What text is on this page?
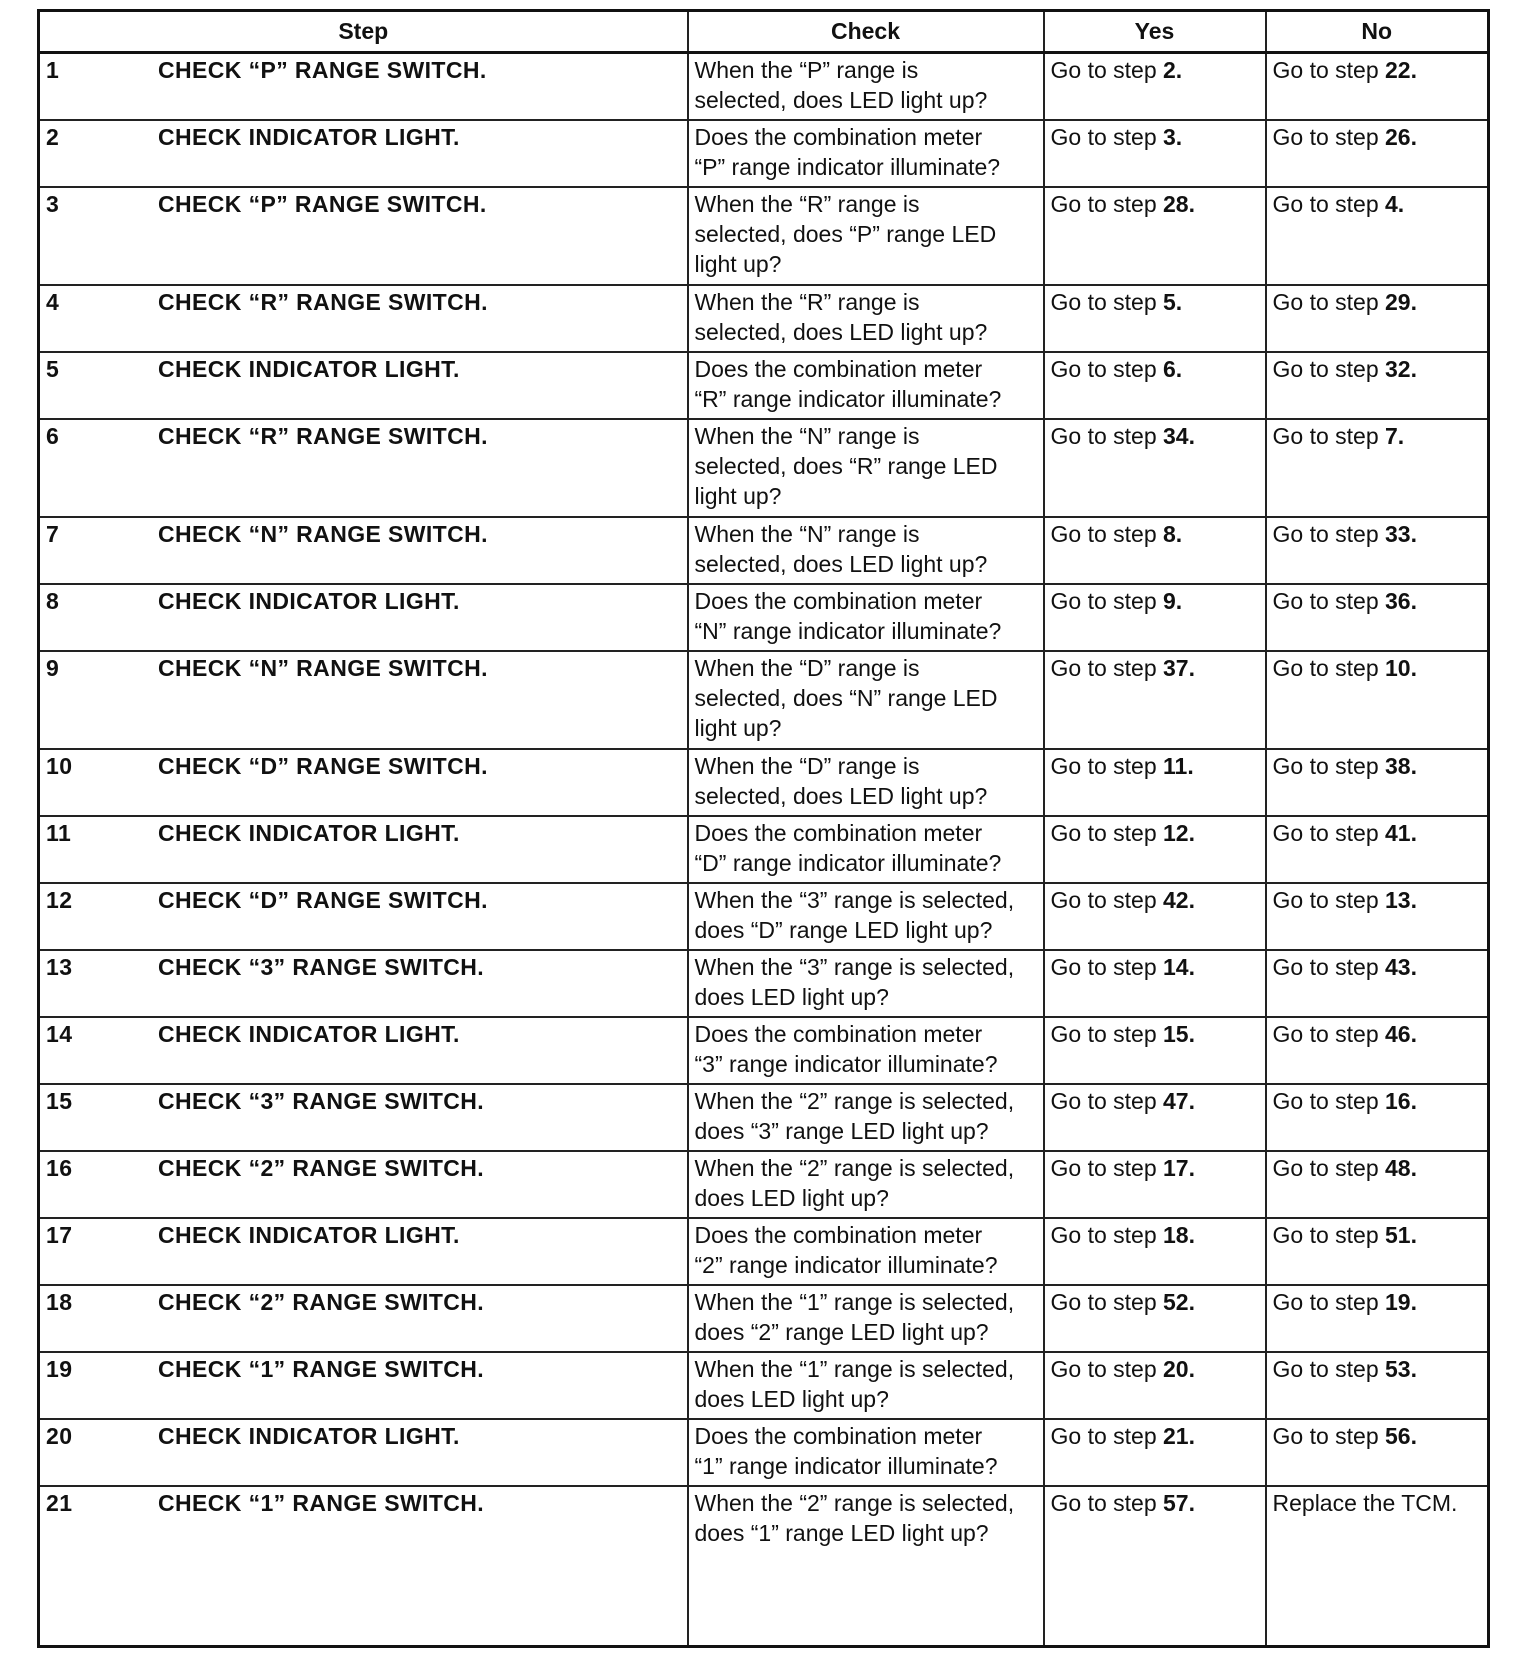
Step	Check	Yes	No
1 CHECK “P” RANGE SWITCH.	When the “P” range is
selected, does LED light up?	Go to step 2.	Go to step 22.
2 CHECK INDICATOR LIGHT.	Does the combination meter
“P” range indicator illuminate?	Go to step 3.	Go to step 26.
3 CHECK “P” RANGE SWITCH.	When the “R” range is
selected, does “P” range LED
light up?	Go to step 28.	Go to step 4.
4 CHECK “R” RANGE SWITCH.	When the “R” range is
selected, does LED light up?	Go to step 5.	Go to step 29.
5 CHECK INDICATOR LIGHT.	Does the combination meter
“R” range indicator illuminate?	Go to step 6.	Go to step 32.
6 CHECK “R” RANGE SWITCH.	When the “N” range is
selected, does “R” range LED
light up?	Go to step 34.	Go to step 7.
7 CHECK “N” RANGE SWITCH.	When the “N” range is
selected, does LED light up?	Go to step 8.	Go to step 33.
8 CHECK INDICATOR LIGHT.	Does the combination meter
“N” range indicator illuminate?	Go to step 9.	Go to step 36.
9 CHECK “N” RANGE SWITCH.	When the “D” range is
selected, does “N” range LED
light up?	Go to step 37.	Go to step 10.
10 CHECK “D” RANGE SWITCH.	When the “D” range is
selected, does LED light up?	Go to step 11.	Go to step 38.
11 CHECK INDICATOR LIGHT.	Does the combination meter
“D” range indicator illuminate?	Go to step 12.	Go to step 41.
12 CHECK “D” RANGE SWITCH.	When the “3” range is selected,
does “D” range LED light up?	Go to step 42.	Go to step 13.
13 CHECK “3” RANGE SWITCH.	When the “3” range is selected,
does LED light up?	Go to step 14.	Go to step 43.
14 CHECK INDICATOR LIGHT.	Does the combination meter
“3” range indicator illuminate?	Go to step 15.	Go to step 46.
15 CHECK “3” RANGE SWITCH.	When the “2” range is selected,
does “3” range LED light up?	Go to step 47.	Go to step 16.
16 CHECK “2” RANGE SWITCH.	When the “2” range is selected,
does LED light up?	Go to step 17.	Go to step 48.
17 CHECK INDICATOR LIGHT.	Does the combination meter
“2” range indicator illuminate?	Go to step 18.	Go to step 51.
18 CHECK “2” RANGE SWITCH.	When the “1” range is selected,
does “2” range LED light up?	Go to step 52.	Go to step 19.
19 CHECK “1” RANGE SWITCH.	When the “1” range is selected,
does LED light up?	Go to step 20.	Go to step 53.
20 CHECK INDICATOR LIGHT.	Does the combination meter
“1” range indicator illuminate?	Go to step 21.	Go to step 56.
21 CHECK “1” RANGE SWITCH.	When the “2” range is selected,
does “1” range LED light up?	Go to step 57.	Replace the TCM.
